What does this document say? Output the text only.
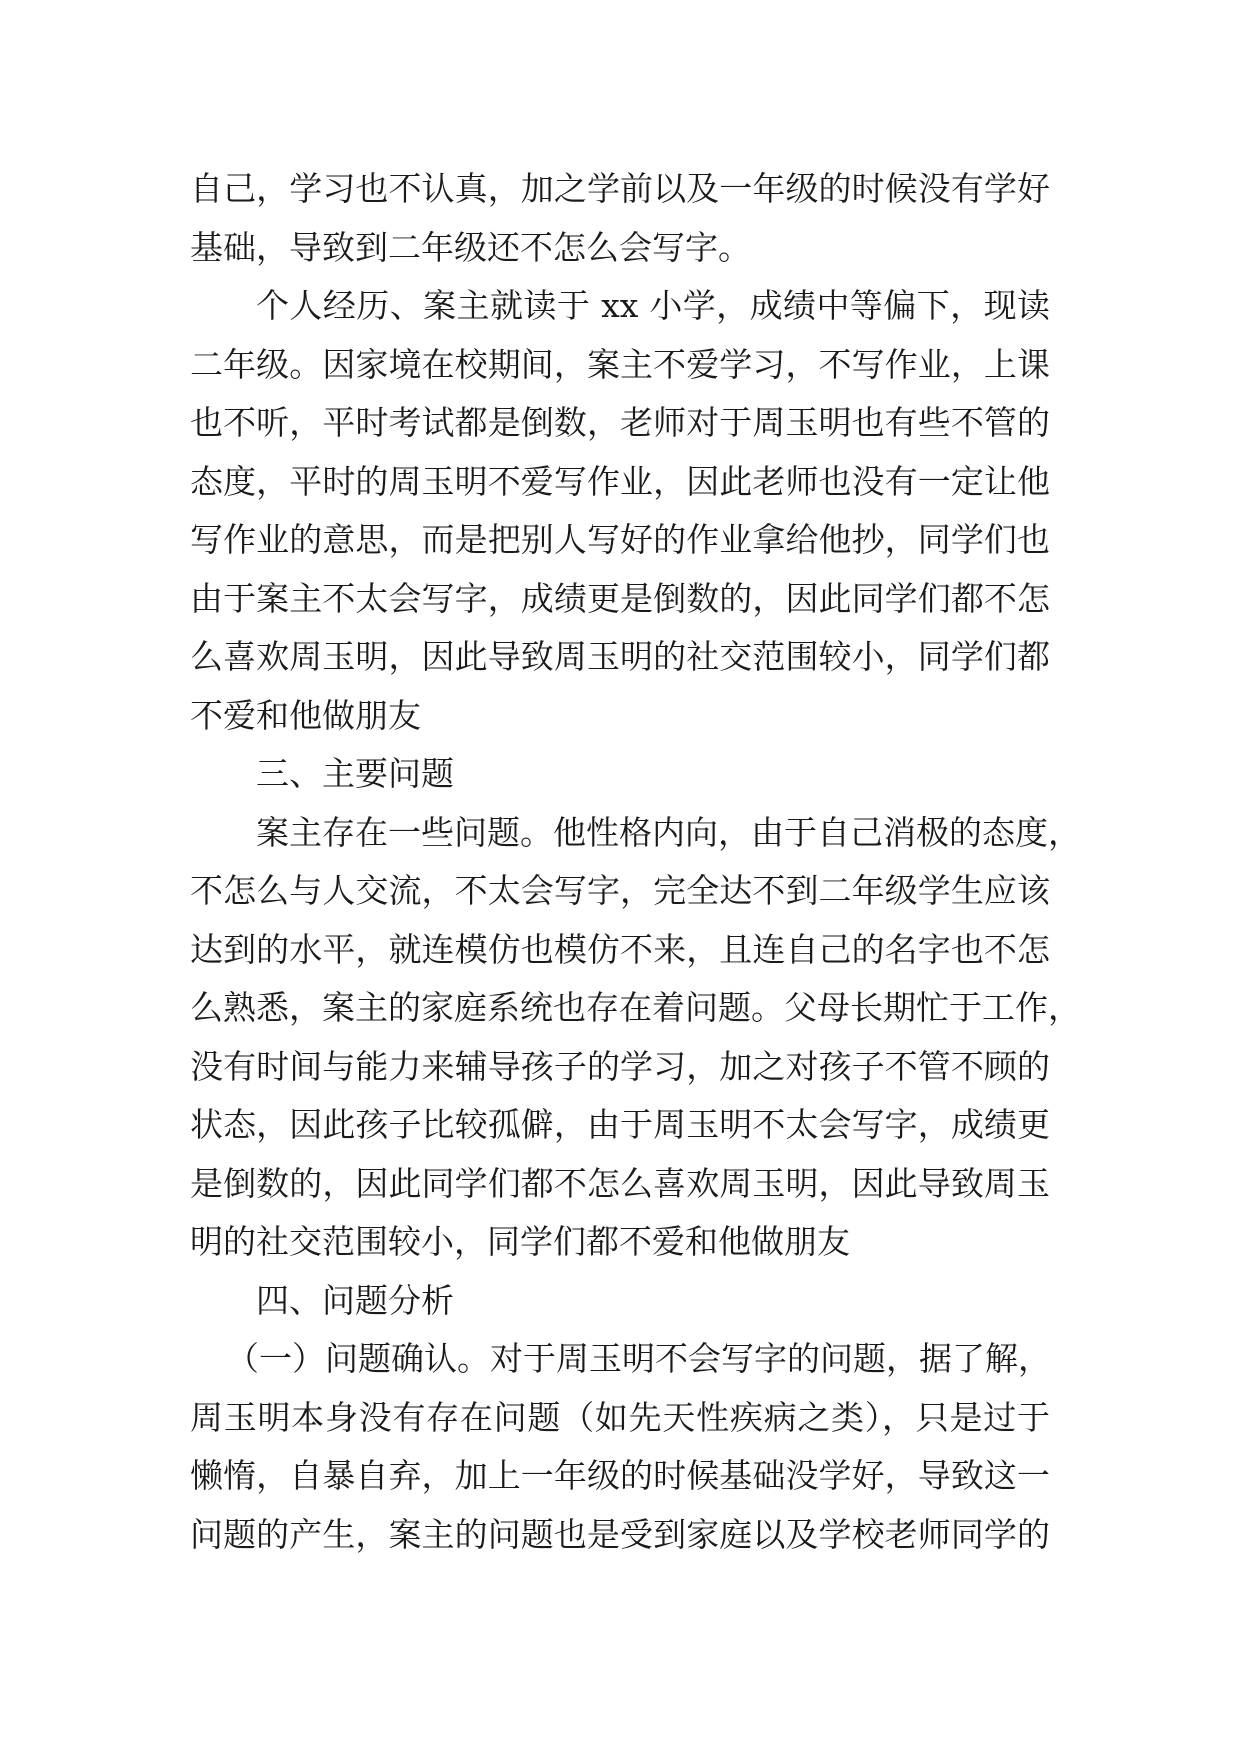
自己，学习也不认真，加之学前以及一年级的时候没有学好
基础，导致到二年级还不怎么会写字。
个人经历、案主就读于 xx 小学，成绩中等偏下，现读
二年级。因家境在校期间，案主不爱学习，不写作业，上课
也不听，平时考试都是倒数，老师对于周玉明也有些不管的
态度，平时的周玉明不爱写作业，因此老师也没有一定让他
写作业的意思，而是把别人写好的作业拿给他抄，同学们也
由于案主不太会写字，成绩更是倒数的，因此同学们都不怎
么喜欢周玉明，因此导致周玉明的社交范围较小，同学们都
不爱和他做朋友
三、主要问题
案主存在一些问题。他性格内向，由于自己消极的态度，
不怎么与人交流，不太会写字，完全达不到二年级学生应该
达到的水平，就连模仿也模仿不来，且连自己的名字也不怎
么熟悉，案主的家庭系统也存在着问题。父母长期忙于工作，
没有时间与能力来辅导孩子的学习，加之对孩子不管不顾的
状态，因此孩子比较孤僻，由于周玉明不太会写字，成绩更
是倒数的，因此同学们都不怎么喜欢周玉明，因此导致周玉
明的社交范围较小，同学们都不爱和他做朋友
四、问题分析
（一）问题确认。对于周玉明不会写字的问题，据了解，
周玉明本身没有存在问题（如先天性疾病之类），只是过于
懒惰，自暴自弃，加上一年级的时候基础没学好，导致这一
问题的产生，案主的问题也是受到家庭以及学校老师同学的
